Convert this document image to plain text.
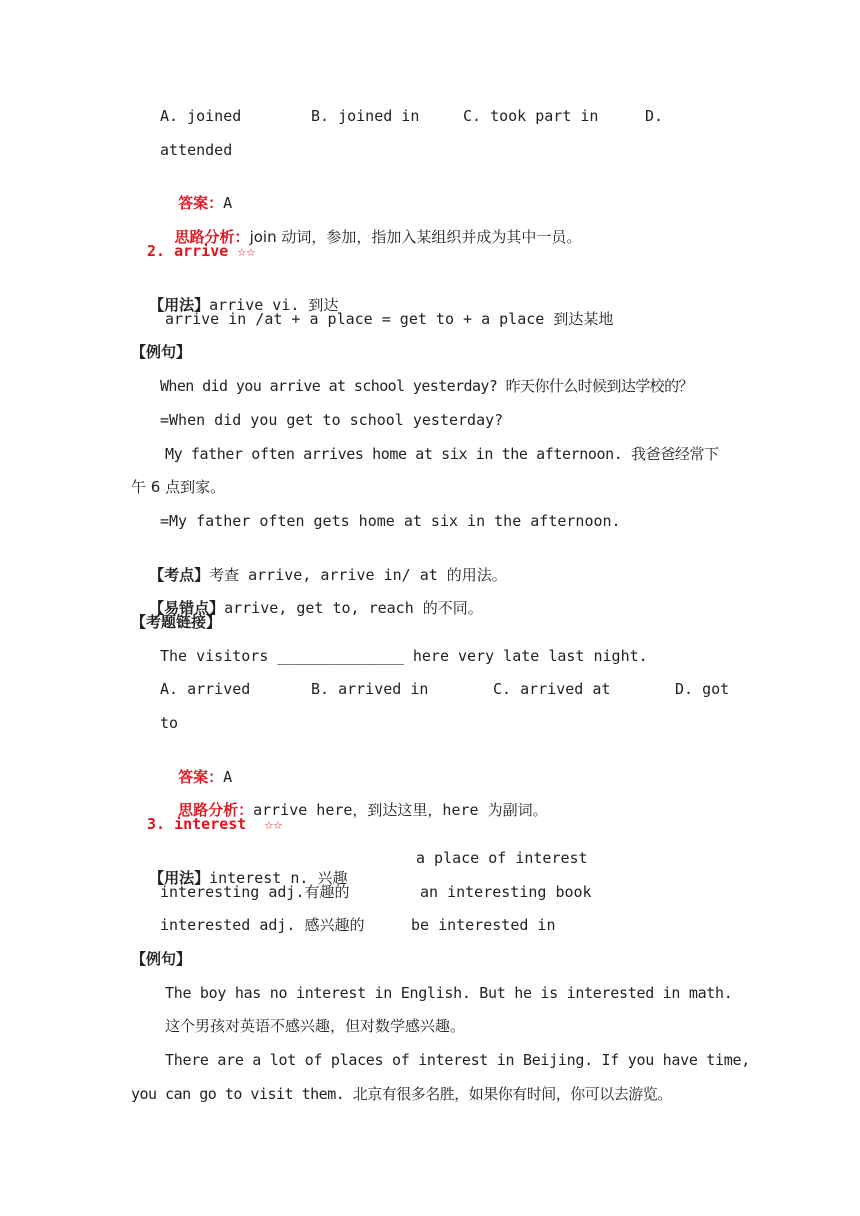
A. joined	B. joined in	C. took part in	D.
attended

答案：A

思路分析：join 动词，参加，指加入某组织并成为其中一员。

2. arrive ☆☆

【用法】arrive vi. 到达

arrive in /at + a place = get to + a place 到达某地
【例句】
When did you arrive at school yesterday? 昨天你什么时候到达学校的？
=When did you get to school yesterday?
My father often arrives home at six in the afternoon. 我爸爸经常下
午 6 点到家。
=My father often gets home at six in the afternoon.

【考点】考查 arrive, arrive in/ at 的用法。

【易错点】arrive, get to, reach 的不同。

【考题链接】
The visitors ______________ here very late last night.
A. arrived	B. arrived in	C. arrived at	D. got
to

答案：A

思路分析：arrive here，到达这里，here 为副词。

3. interest  ☆☆

【用法】interest n. 兴趣

a place of interest
interesting adj.有趣的	an interesting book
interested adj. 感兴趣的	be interested in
【例句】
The boy has no interest in English. But he is interested in math.
这个男孩对英语不感兴趣，但对数学感兴趣。
There are a lot of places of interest in Beijing. If you have time,
you can go to visit them. 北京有很多名胜，如果你有时间，你可以去游览。
